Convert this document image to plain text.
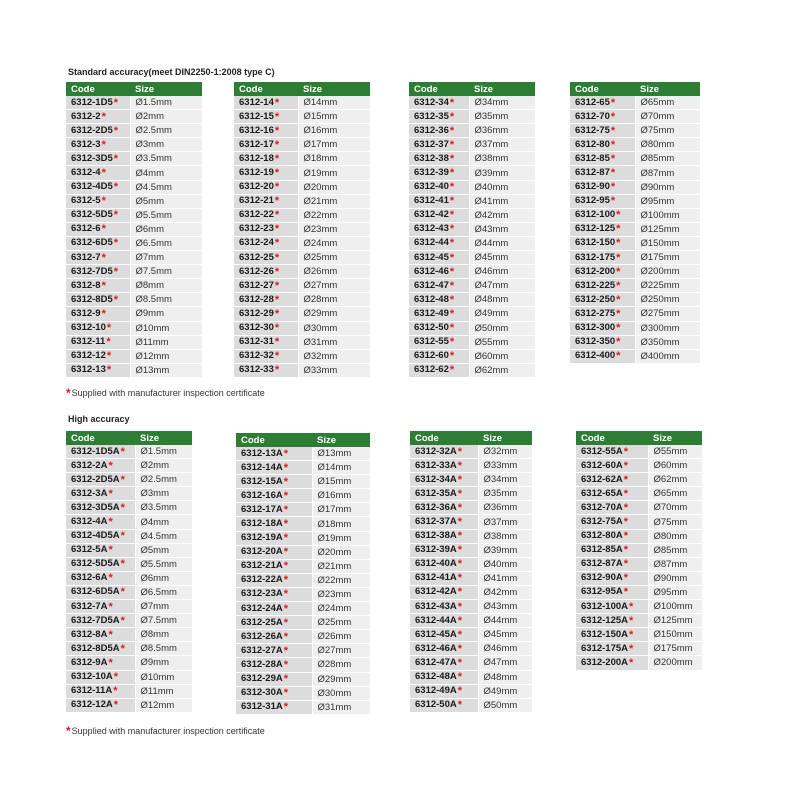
Standard accuracy(meet DIN2250-1:2008 type C)
Code	Size
6312-1D5*	Ø1.5mm
6312-2*	Ø2mm
6312-2D5*	Ø2.5mm
6312-3*	Ø3mm
6312-3D5*	Ø3.5mm
6312-4*	Ø4mm
6312-4D5*	Ø4.5mm
6312-5*	Ø5mm
6312-5D5*	Ø5.5mm
6312-6*	Ø6mm
6312-6D5*	Ø6.5mm
6312-7*	Ø7mm
6312-7D5*	Ø7.5mm
6312-8*	Ø8mm
6312-8D5*	Ø8.5mm
6312-9*	Ø9mm
6312-10*	Ø10mm
6312-11*	Ø11mm
6312-12*	Ø12mm
6312-13*	Ø13mm
Code	Size
6312-14*	Ø14mm
6312-15*	Ø15mm
6312-16*	Ø16mm
6312-17*	Ø17mm
6312-18*	Ø18mm
6312-19*	Ø19mm
6312-20*	Ø20mm
6312-21*	Ø21mm
6312-22*	Ø22mm
6312-23*	Ø23mm
6312-24*	Ø24mm
6312-25*	Ø25mm
6312-26*	Ø26mm
6312-27*	Ø27mm
6312-28*	Ø28mm
6312-29*	Ø29mm
6312-30*	Ø30mm
6312-31*	Ø31mm
6312-32*	Ø32mm
6312-33*	Ø33mm
Code	Size
6312-34*	Ø34mm
6312-35*	Ø35mm
6312-36*	Ø36mm
6312-37*	Ø37mm
6312-38*	Ø38mm
6312-39*	Ø39mm
6312-40*	Ø40mm
6312-41*	Ø41mm
6312-42*	Ø42mm
6312-43*	Ø43mm
6312-44*	Ø44mm
6312-45*	Ø45mm
6312-46*	Ø46mm
6312-47*	Ø47mm
6312-48*	Ø48mm
6312-49*	Ø49mm
6312-50*	Ø50mm
6312-55*	Ø55mm
6312-60*	Ø60mm
6312-62*	Ø62mm
Code	Size
6312-65*	Ø65mm
6312-70*	Ø70mm
6312-75*	Ø75mm
6312-80*	Ø80mm
6312-85*	Ø85mm
6312-87*	Ø87mm
6312-90*	Ø90mm
6312-95*	Ø95mm
6312-100*	Ø100mm
6312-125*	Ø125mm
6312-150*	Ø150mm
6312-175*	Ø175mm
6312-200*	Ø200mm
6312-225*	Ø225mm
6312-250*	Ø250mm
6312-275*	Ø275mm
6312-300*	Ø300mm
6312-350*	Ø350mm
6312-400*	Ø400mm
*Supplied with manufacturer inspection certificate
High accuracy
Code	Size
6312-1D5A*	Ø1.5mm
6312-2A*	Ø2mm
6312-2D5A*	Ø2.5mm
6312-3A*	Ø3mm
6312-3D5A*	Ø3.5mm
6312-4A*	Ø4mm
6312-4D5A*	Ø4.5mm
6312-5A*	Ø5mm
6312-5D5A*	Ø5.5mm
6312-6A*	Ø6mm
6312-6D5A*	Ø6.5mm
6312-7A*	Ø7mm
6312-7D5A*	Ø7.5mm
6312-8A*	Ø8mm
6312-8D5A*	Ø8.5mm
6312-9A*	Ø9mm
6312-10A*	Ø10mm
6312-11A*	Ø11mm
6312-12A*	Ø12mm
Code	Size
6312-13A*	Ø13mm
6312-14A*	Ø14mm
6312-15A*	Ø15mm
6312-16A*	Ø16mm
6312-17A*	Ø17mm
6312-18A*	Ø18mm
6312-19A*	Ø19mm
6312-20A*	Ø20mm
6312-21A*	Ø21mm
6312-22A*	Ø22mm
6312-23A*	Ø23mm
6312-24A*	Ø24mm
6312-25A*	Ø25mm
6312-26A*	Ø26mm
6312-27A*	Ø27mm
6312-28A*	Ø28mm
6312-29A*	Ø29mm
6312-30A*	Ø30mm
6312-31A*	Ø31mm
Code	Size
6312-32A*	Ø32mm
6312-33A*	Ø33mm
6312-34A*	Ø34mm
6312-35A*	Ø35mm
6312-36A*	Ø36mm
6312-37A*	Ø37mm
6312-38A*	Ø38mm
6312-39A*	Ø39mm
6312-40A*	Ø40mm
6312-41A*	Ø41mm
6312-42A*	Ø42mm
6312-43A*	Ø43mm
6312-44A*	Ø44mm
6312-45A*	Ø45mm
6312-46A*	Ø46mm
6312-47A*	Ø47mm
6312-48A*	Ø48mm
6312-49A*	Ø49mm
6312-50A*	Ø50mm
Code	Size
6312-55A*	Ø55mm
6312-60A*	Ø60mm
6312-62A*	Ø62mm
6312-65A*	Ø65mm
6312-70A*	Ø70mm
6312-75A*	Ø75mm
6312-80A*	Ø80mm
6312-85A*	Ø85mm
6312-87A*	Ø87mm
6312-90A*	Ø90mm
6312-95A*	Ø95mm
6312-100A*	Ø100mm
6312-125A*	Ø125mm
6312-150A*	Ø150mm
6312-175A*	Ø175mm
6312-200A*	Ø200mm
*Supplied with manufacturer inspection certificate
